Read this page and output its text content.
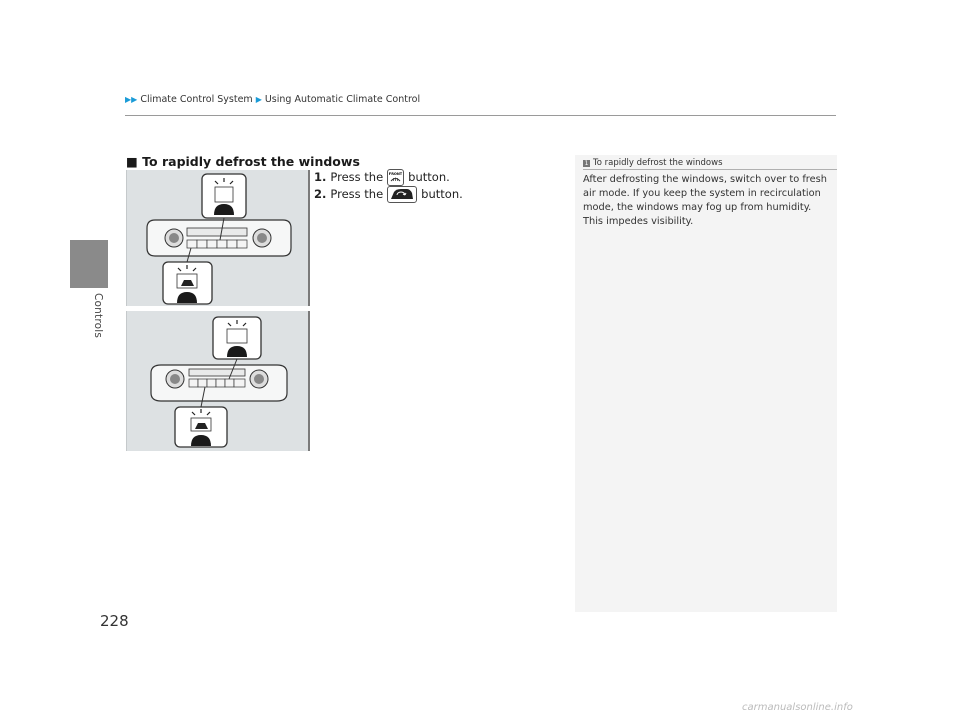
Controls
▶▶ Climate Control System ▶ Using Automatic Climate Control
■ To rapidly defrost the windows
1. Press the FRONT button.
2. Press the	button.
1 To rapidly defrost the windows
After defrosting the windows, switch over to fresh air mode. If you keep the system in recirculation mode, the windows may fog up from humidity. This impedes visibility.
228
carmanualsonline.info
